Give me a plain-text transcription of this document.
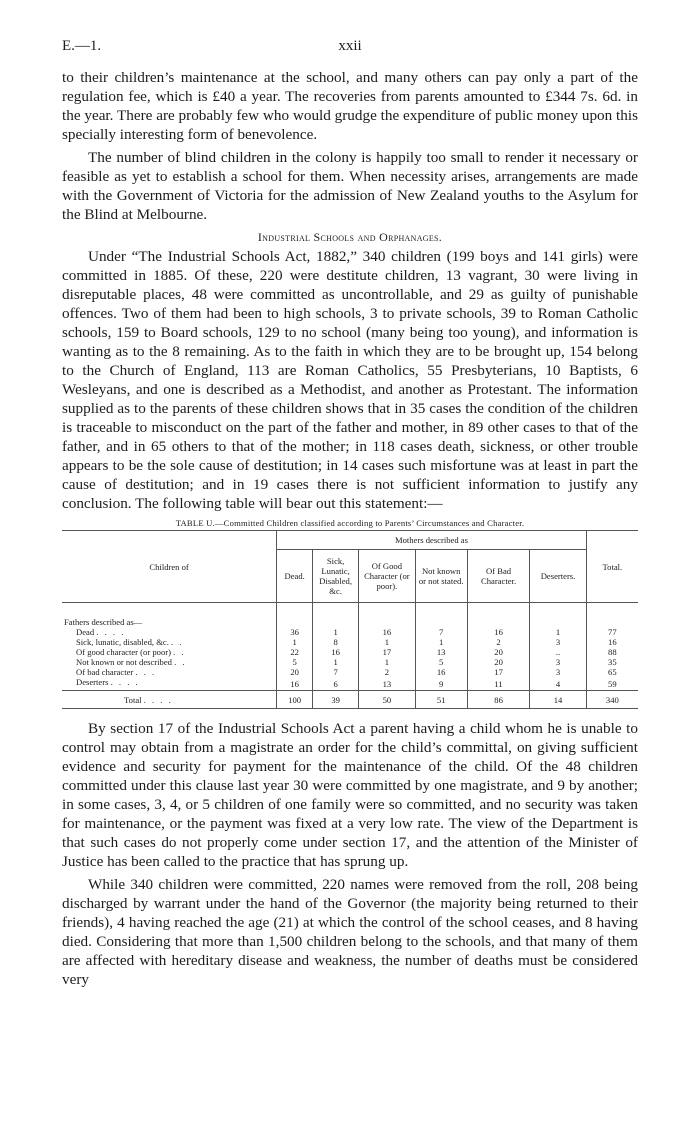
E.—1.	xxii

to their children’s maintenance at the school, and many others can pay only a part of the regulation fee, which is £40 a year. The recoveries from parents amounted to £344 7s. 6d. in the year. There are probably few who would grudge the expenditure of public money upon this specially interesting form of benevolence.

The number of blind children in the colony is happily too small to render it necessary or feasible as yet to establish a school for them. When necessity arises, arrangements are made with the Government of Victoria for the admission of New Zealand youths to the Asylum for the Blind at Melbourne.

Industrial Schools and Orphanages.

Under “The Industrial Schools Act, 1882,” 340 children (199 boys and 141 girls) were committed in 1885. Of these, 220 were destitute children, 13 vagrant, 30 were living in disreputable places, 48 were committed as uncontrollable, and 29 as guilty of punishable offences. Two of them had been to high schools, 3 to private schools, 39 to Roman Catholic schools, 159 to Board schools, 129 to no school (many being too young), and information is wanting as to the 8 remaining. As to the faith in which they are to be brought up, 154 belong to the Church of England, 113 are Roman Catholics, 55 Presbyterians, 10 Baptists, 6 Wesleyans, and one is described as a Methodist, and another as Protestant. The information supplied as to the parents of these children shows that in 35 cases the condition of the children is traceable to misconduct on the part of the father and mother, in 89 other cases to that of the father, and in 65 others to that of the mother; in 118 cases death, sickness, or other trouble appears to be the sole cause of destitution; in 14 cases such misfortune was at least in part the cause of destitution; and in 19 cases there is not sufficient information to justify any conclusion. The following table will bear out this statement:—

TABLE U.—Committed Children classified according to Parents’ Circumstances and Character.
Children of	Mothers described as						Total.
	Dead.	Sick, Lunatic, Disabled, &c.	Of Good Character (or poor).	Not known or not stated.	Of Bad Character.	Deserters.	
Fathers described as—							
Dead . . . .	36	1	16	7	16	1	77
Sick, lunatic, disabled, &c. . .	1	8	1	1	2	3	16
Of good character (or poor) . .	22	16	17	13	20	..	88
Not known or not described . .	5	1	1	5	20	3	35
Of bad character . . .	20	7	2	16	17	3	65
Deserters . . . .	16	6	13	9	11	4	59
Total . . . .	100	39	50	51	86	14	340

By section 17 of the Industrial Schools Act a parent having a child whom he is unable to control may obtain from a magistrate an order for the child’s committal, on giving sufficient evidence and security for payment for the maintenance of the child. Of the 48 children committed under this clause last year 30 were committed by one magistrate, and 9 by another; in some cases, 3, 4, or 5 children of one family were so committed, and no security was taken for maintenance, or the payment was fixed at a very low rate. The view of the Department is that such cases do not properly come under section 17, and the attention of the Minister of Justice has been called to the practice that has sprung up.

While 340 children were committed, 220 names were removed from the roll, 208 being discharged by warrant under the hand of the Governor (the majority being returned to their friends), 4 having reached the age (21) at which the control of the school ceases, and 8 having died. Considering that more than 1,500 children belong to the schools, and that many of them are affected with hereditary disease and weakness, the number of deaths must be considered very
